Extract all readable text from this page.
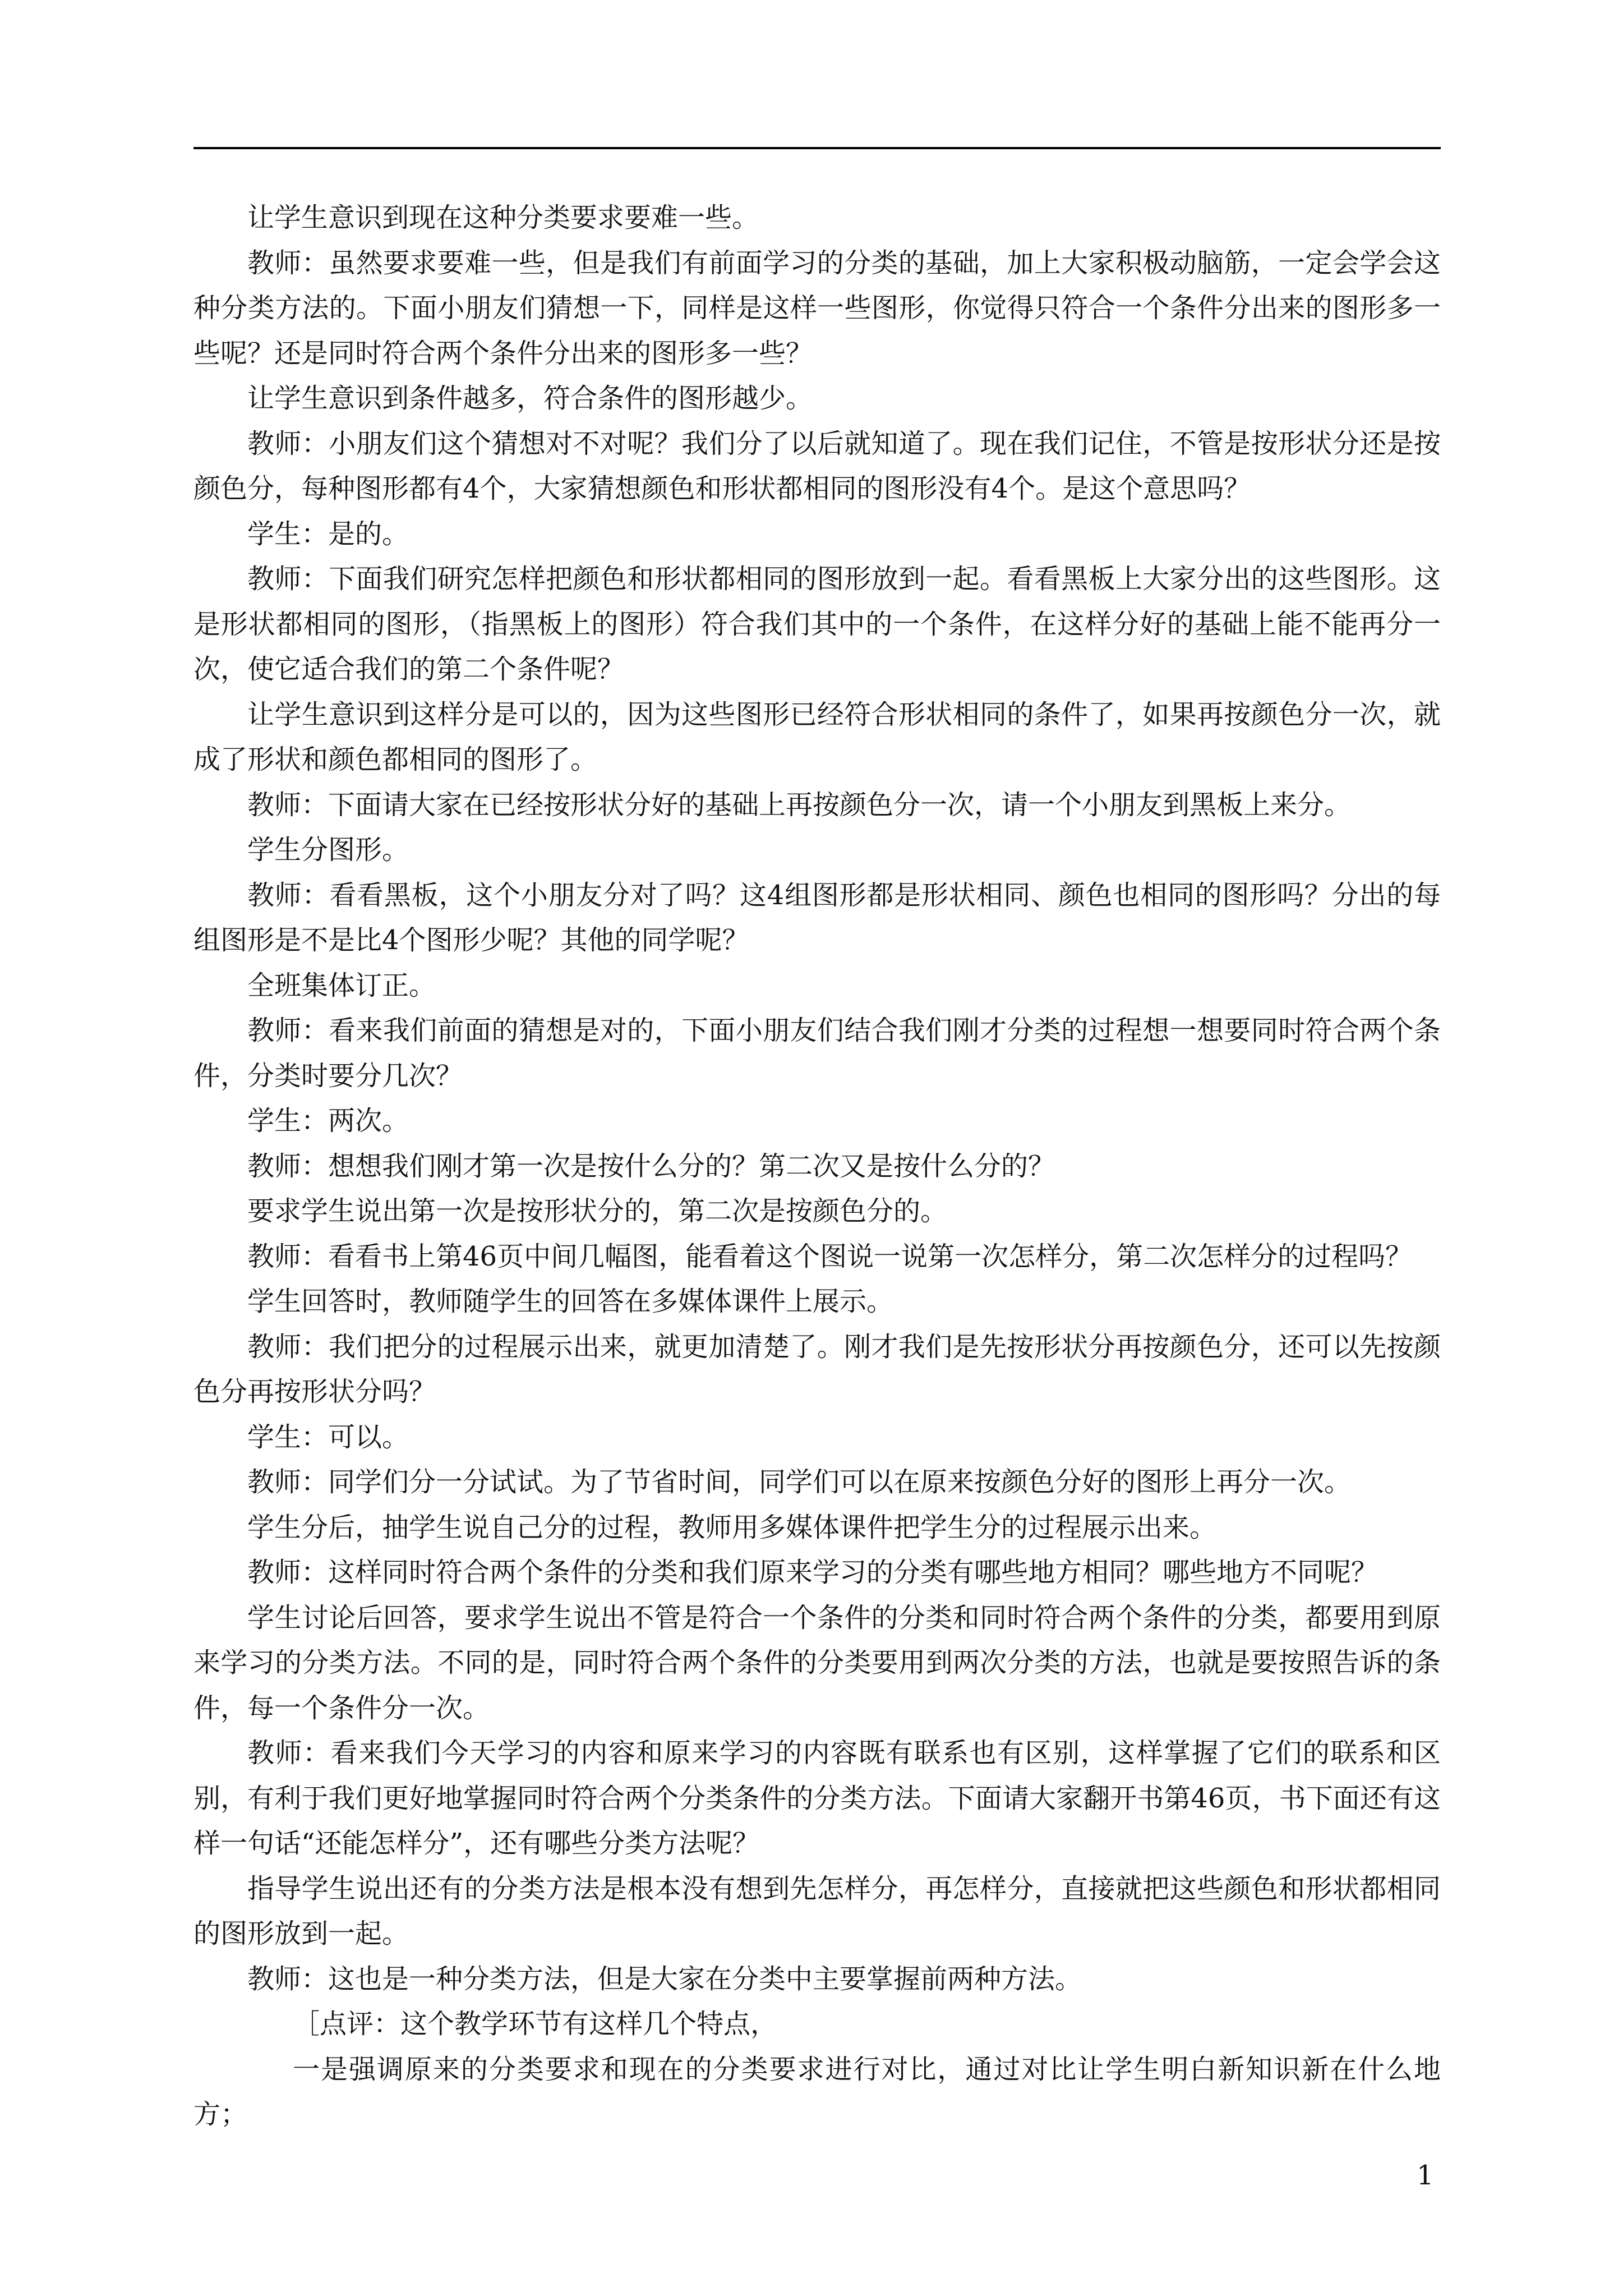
让学生意识到现在这种分类要求要难一些。

教师：虽然要求要难一些，但是我们有前面学习的分类的基础，加上大家积极动脑筋，一定会学会这种分类方法的。下面小朋友们猜想一下，同样是这样一些图形，你觉得只符合一个条件分出来的图形多一些呢？还是同时符合两个条件分出来的图形多一些？

让学生意识到条件越多，符合条件的图形越少。

教师：小朋友们这个猜想对不对呢？我们分了以后就知道了。现在我们记住，不管是按形状分还是按颜色分，每种图形都有4个，大家猜想颜色和形状都相同的图形没有4个。是这个意思吗？

学生：是的。

教师：下面我们研究怎样把颜色和形状都相同的图形放到一起。看看黑板上大家分出的这些图形。这是形状都相同的图形，（指黑板上的图形）符合我们其中的一个条件，在这样分好的基础上能不能再分一次，使它适合我们的第二个条件呢？

让学生意识到这样分是可以的，因为这些图形已经符合形状相同的条件了，如果再按颜色分一次，就成了形状和颜色都相同的图形了。

教师：下面请大家在已经按形状分好的基础上再按颜色分一次，请一个小朋友到黑板上来分。

学生分图形。

教师：看看黑板，这个小朋友分对了吗？这4组图形都是形状相同、颜色也相同的图形吗？分出的每组图形是不是比4个图形少呢？其他的同学呢？

全班集体订正。

教师：看来我们前面的猜想是对的，下面小朋友们结合我们刚才分类的过程想一想要同时符合两个条件，分类时要分几次？

学生：两次。

教师：想想我们刚才第一次是按什么分的？第二次又是按什么分的？

要求学生说出第一次是按形状分的，第二次是按颜色分的。

教师：看看书上第46页中间几幅图，能看着这个图说一说第一次怎样分，第二次怎样分的过程吗？

学生回答时，教师随学生的回答在多媒体课件上展示。

教师：我们把分的过程展示出来，就更加清楚了。刚才我们是先按形状分再按颜色分，还可以先按颜色分再按形状分吗？

学生：可以。

教师：同学们分一分试试。为了节省时间，同学们可以在原来按颜色分好的图形上再分一次。

学生分后，抽学生说自己分的过程，教师用多媒体课件把学生分的过程展示出来。

教师：这样同时符合两个条件的分类和我们原来学习的分类有哪些地方相同？哪些地方不同呢？

学生讨论后回答，要求学生说出不管是符合一个条件的分类和同时符合两个条件的分类，都要用到原来学习的分类方法。不同的是，同时符合两个条件的分类要用到两次分类的方法，也就是要按照告诉的条件，每一个条件分一次。

教师：看来我们今天学习的内容和原来学习的内容既有联系也有区别，这样掌握了它们的联系和区别，有利于我们更好地掌握同时符合两个分类条件的分类方法。下面请大家翻开书第46页，书下面还有这样一句话“还能怎样分”，还有哪些分类方法呢？

指导学生说出还有的分类方法是根本没有想到先怎样分，再怎样分，直接就把这些颜色和形状都相同的图形放到一起。

教师：这也是一种分类方法，但是大家在分类中主要掌握前两种方法。

［点评：这个教学环节有这样几个特点，

一是强调原来的分类要求和现在的分类要求进行对比，通过对比让学生明白新知识新在什么地方；

1
